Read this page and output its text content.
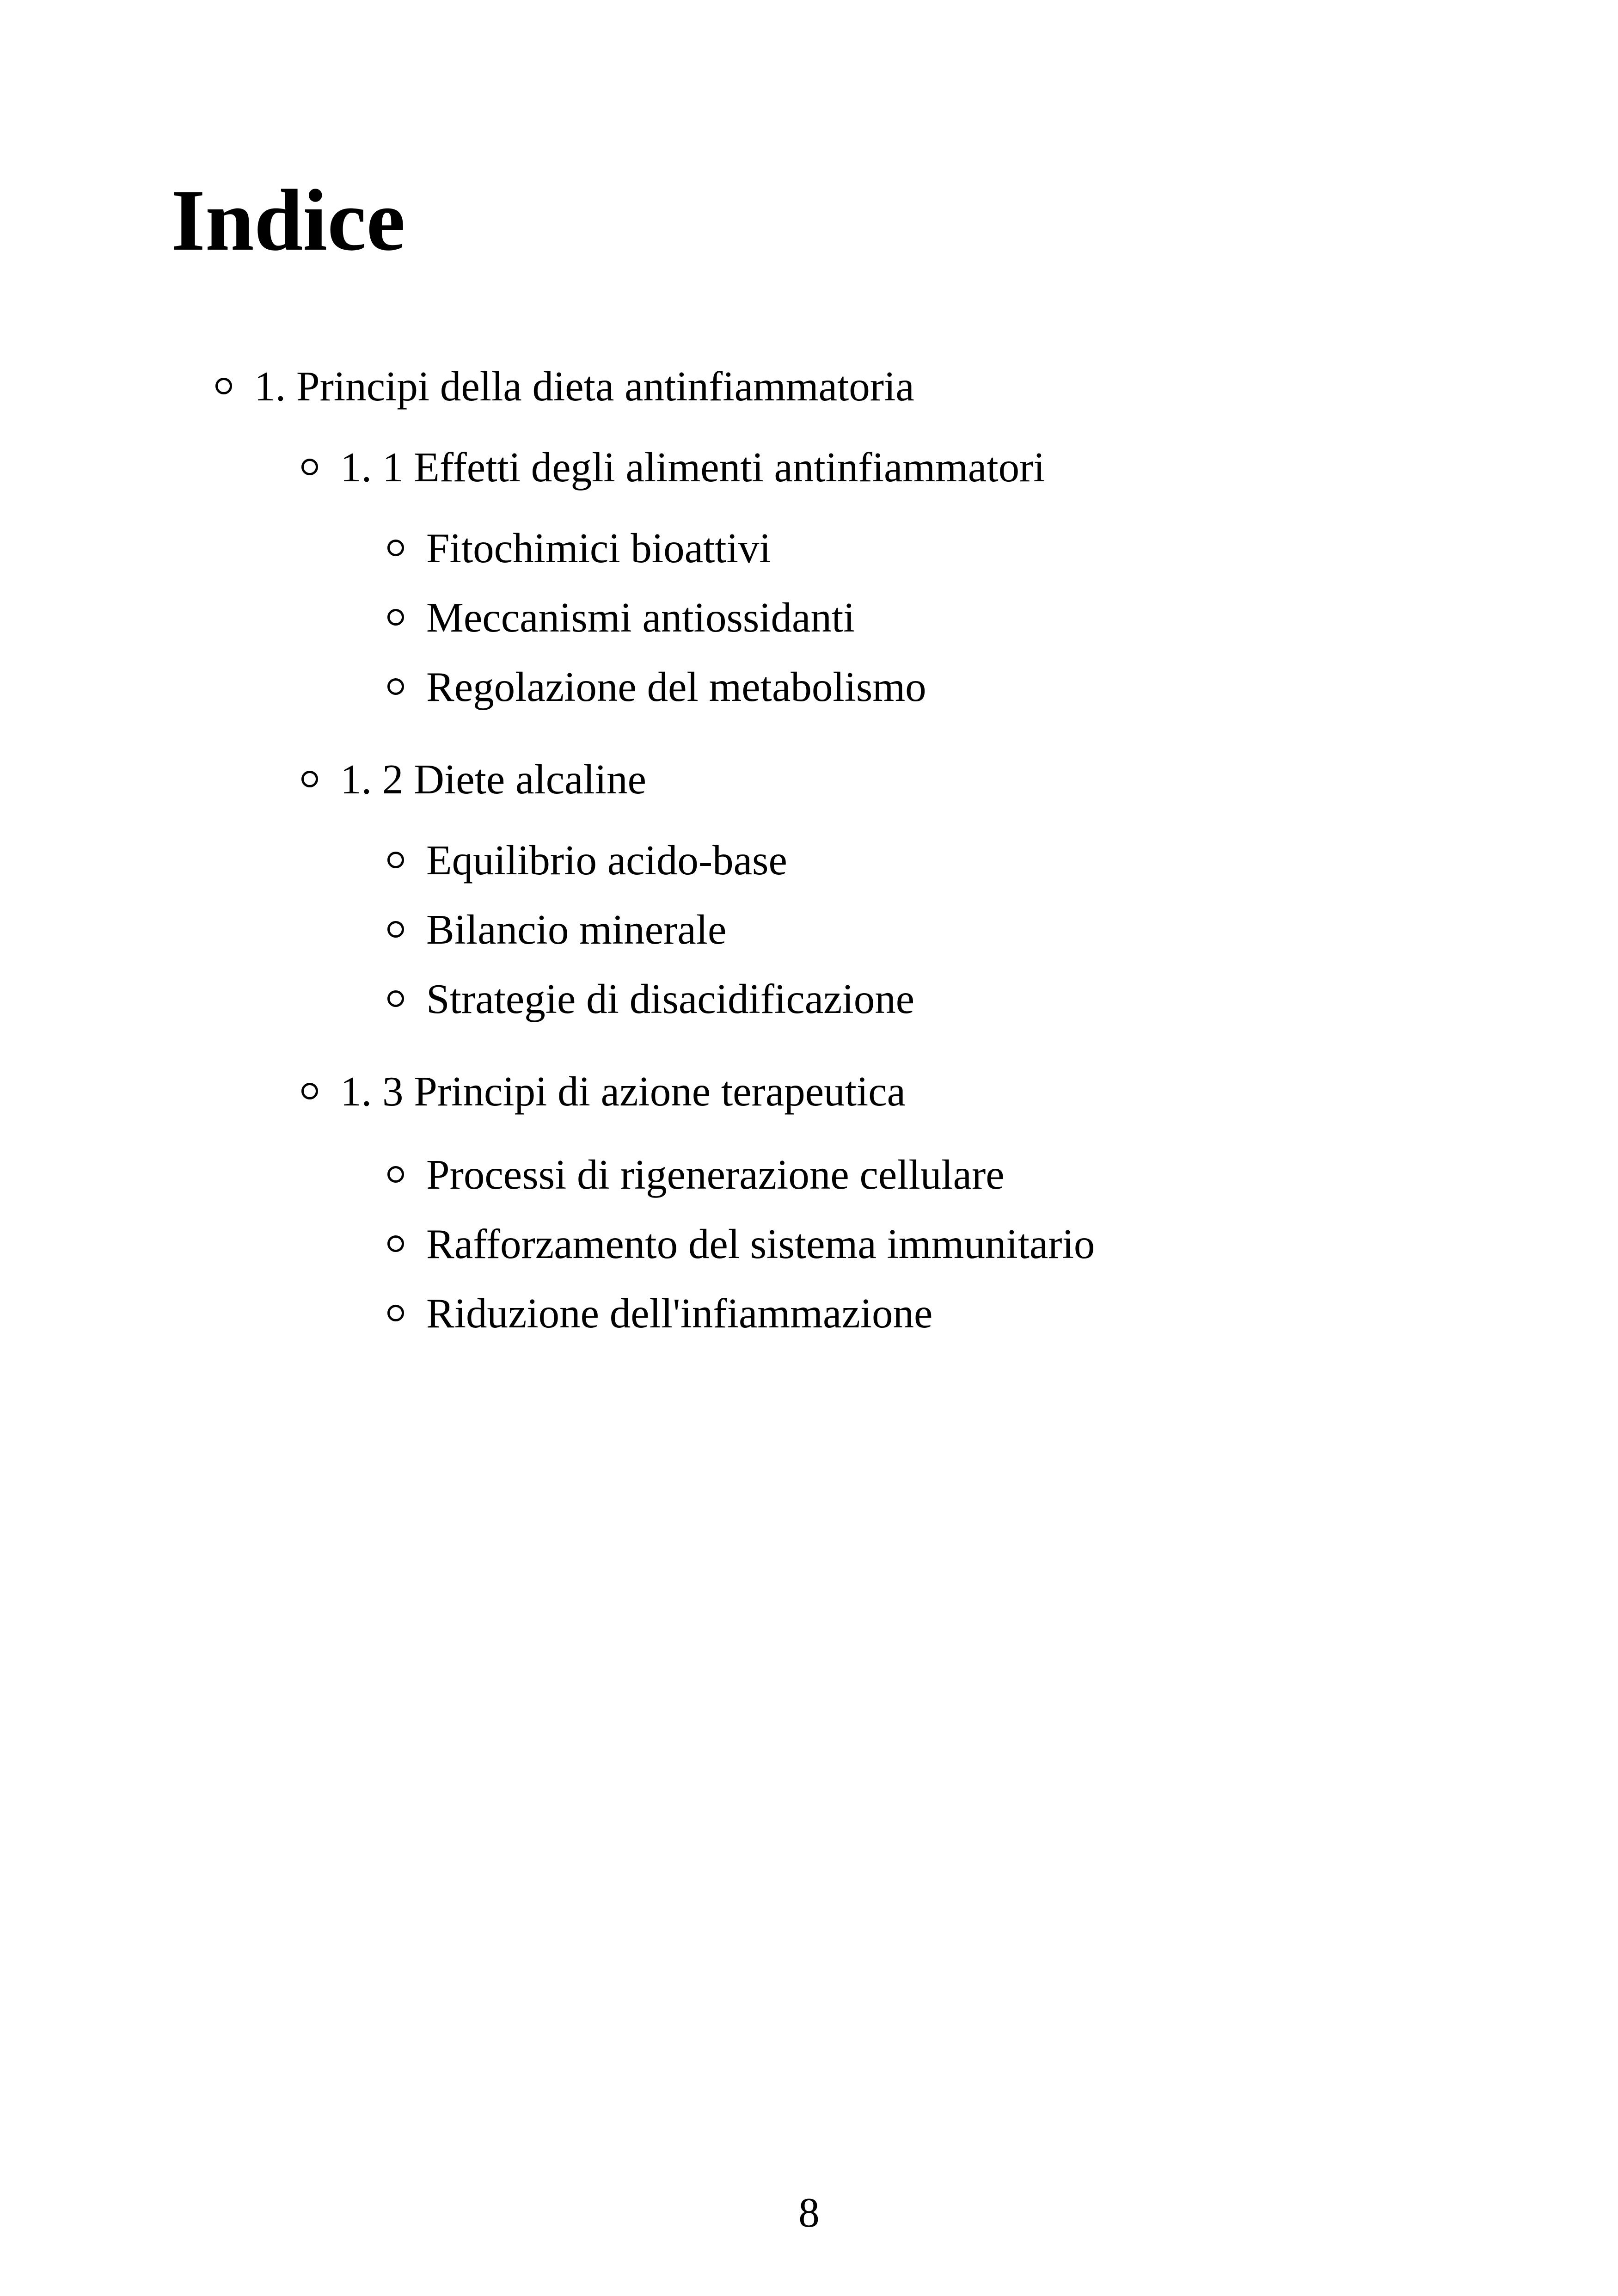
Indice
1. Principi della dieta antinfiammatoria
1. 1 Effetti degli alimenti antinfiammatori
Fitochimici bioattivi
Meccanismi antiossidanti
Regolazione del metabolismo
1. 2 Diete alcaline
Equilibrio acido-base
Bilancio minerale
Strategie di disacidificazione
1. 3 Principi di azione terapeutica
Processi di rigenerazione cellulare
Rafforzamento del sistema immunitario
Riduzione dell'infiammazione
8
